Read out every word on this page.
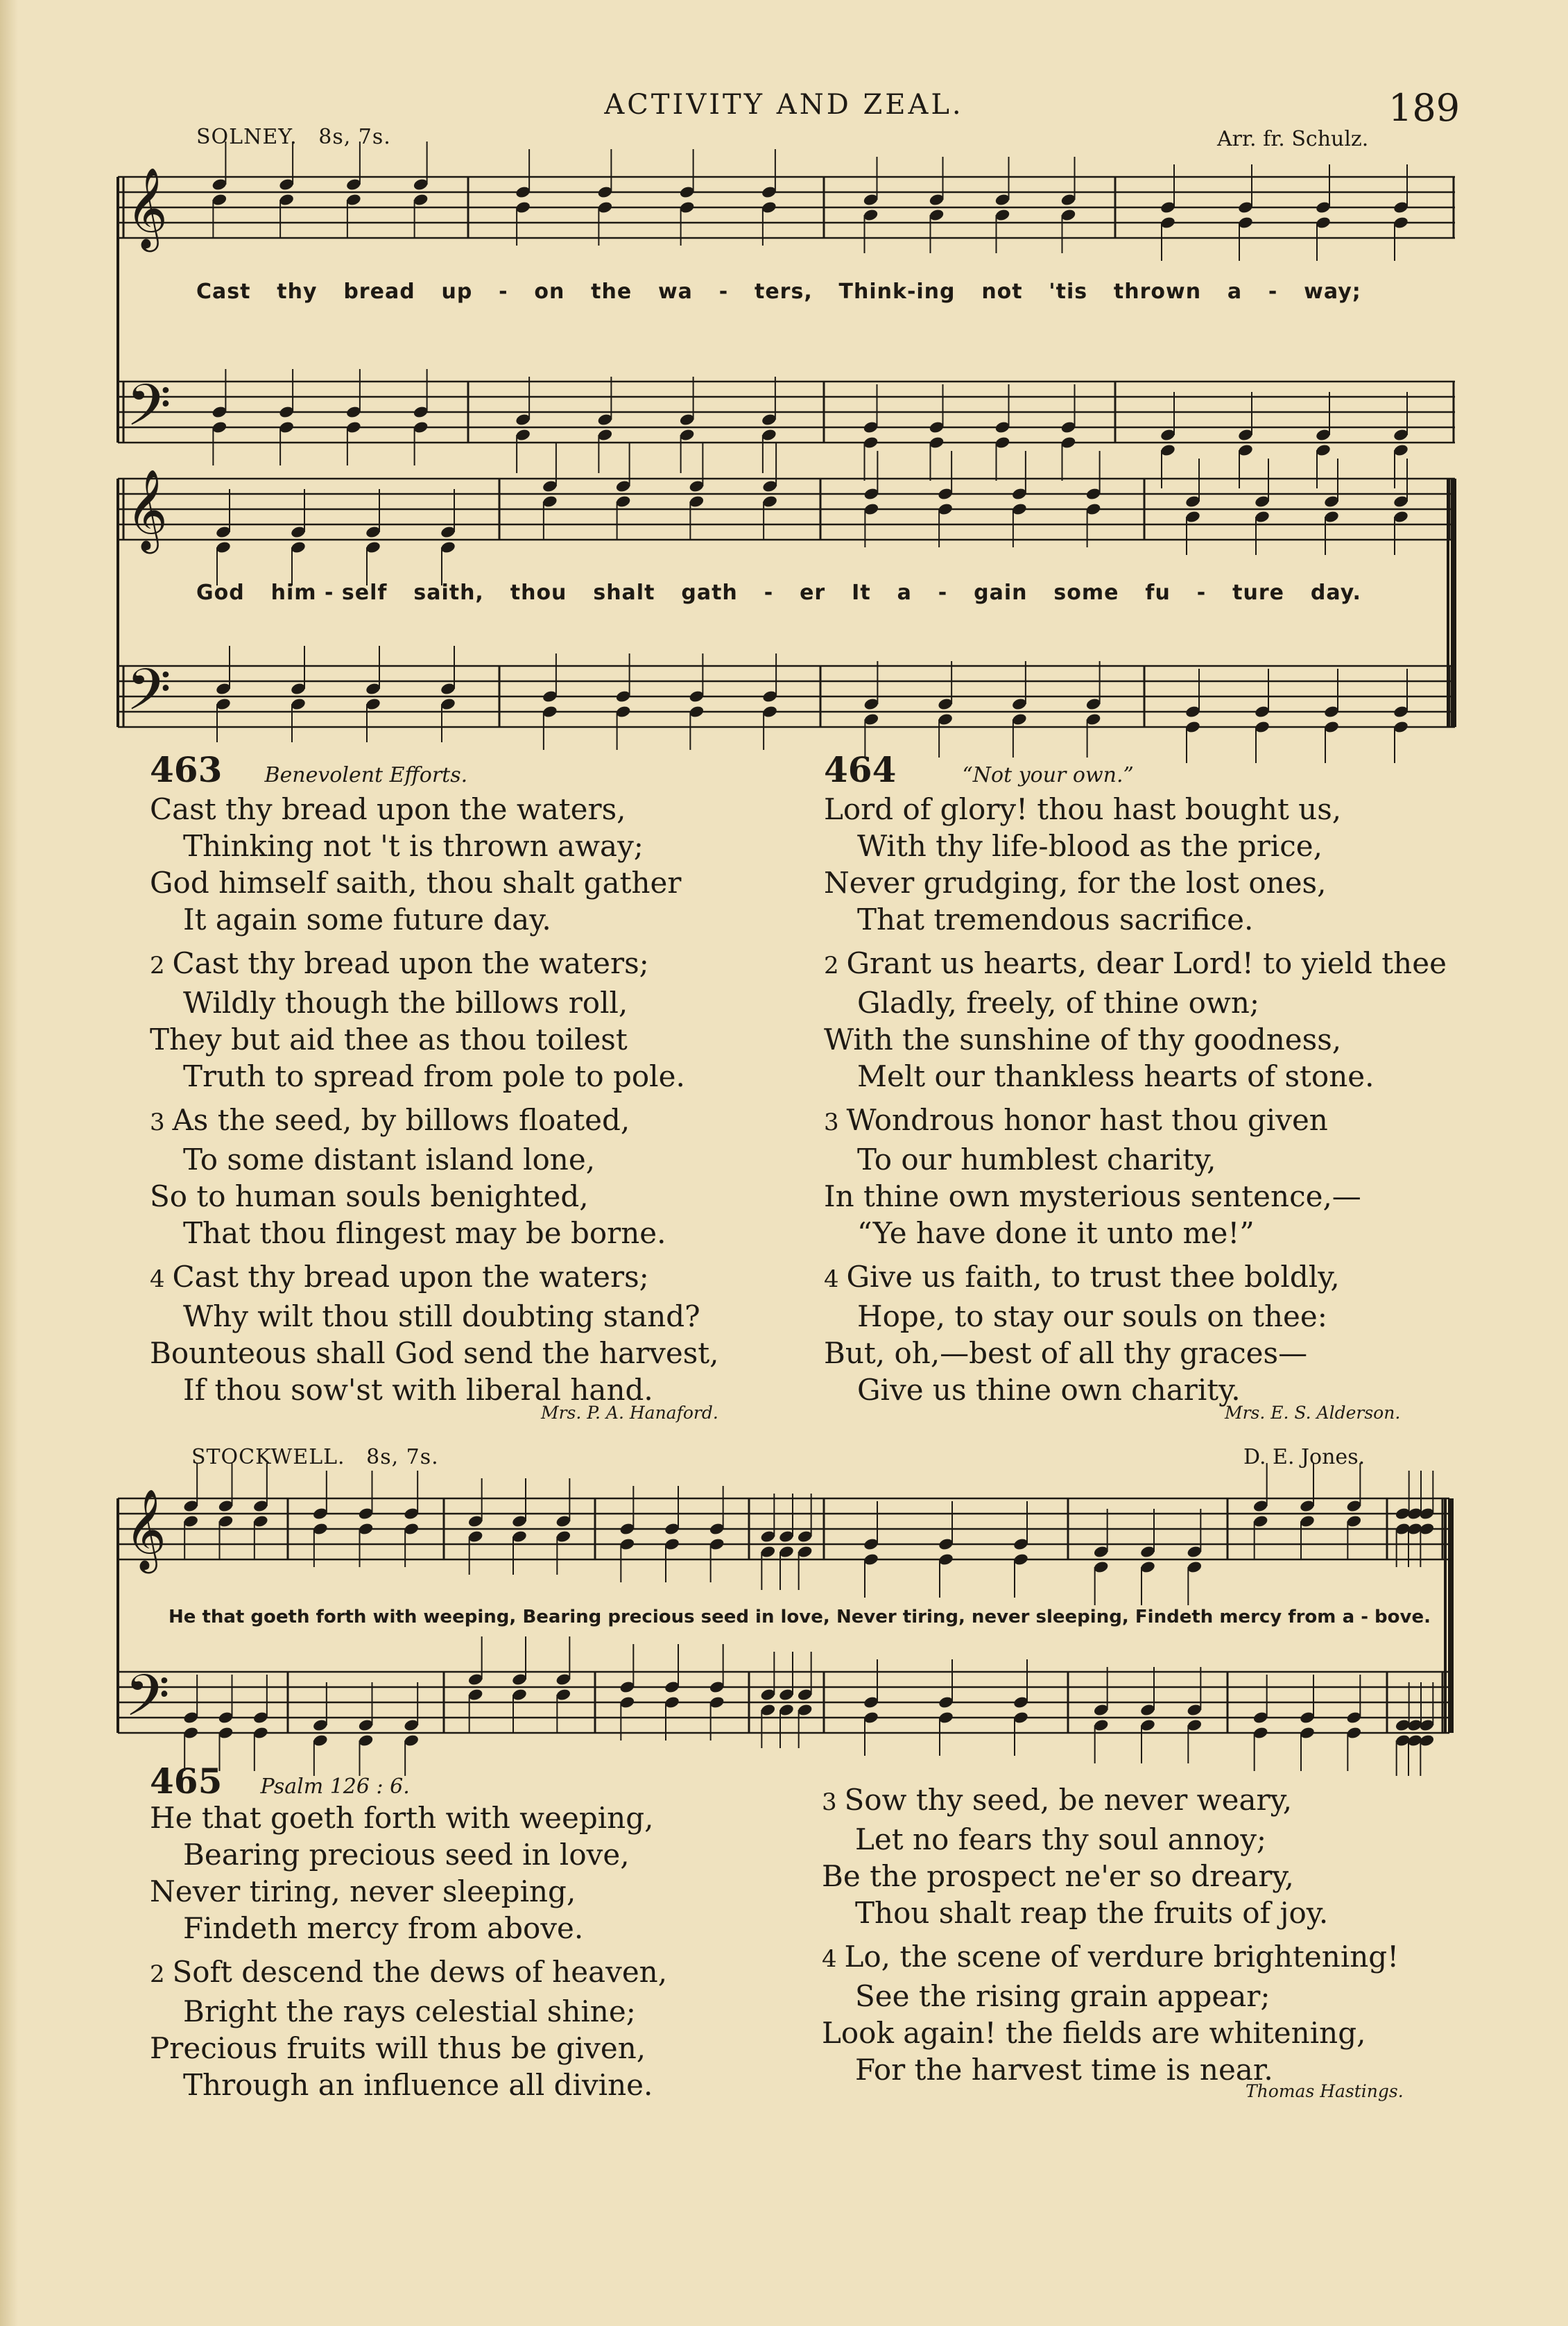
ACTIVITY AND ZEAL.	189
SOLNEY. 8s, 7s.	Arr. fr. Schulz.
𝄞
𝄢
𝄞
𝄢
Cast thy bread up - on the wa - ters, Think-ing not 'tis thrown a - way;
God him - self saith, thou shalt gath - er It a - gain some fu - ture day.
463 Benevolent Efforts.
Cast thy bread upon the waters,
Thinking not 't is thrown away;
God himself saith, thou shalt gather
It again some future day.
2 Cast thy bread upon the waters;
Wildly though the billows roll,
They but aid thee as thou toilest
Truth to spread from pole to pole.
3 As the seed, by billows floated,
To some distant island lone,
So to human souls benighted,
That thou flingest may be borne.
4 Cast thy bread upon the waters;
Why wilt thou still doubting stand?
Bounteous shall God send the harvest,
If thou sow'st with liberal hand.
Mrs. P. A. Hanaford.
464	“Not your own.”
Lord of glory! thou hast bought us,
With thy life-blood as the price,
Never grudging, for the lost ones,
That tremendous sacrifice.
2 Grant us hearts, dear Lord! to yield thee
Gladly, freely, of thine own;
With the sunshine of thy goodness,
Melt our thankless hearts of stone.
3 Wondrous honor hast thou given
To our humblest charity,
In thine own mysterious sentence,—
“Ye have done it unto me!”
4 Give us faith, to trust thee boldly,
Hope, to stay our souls on thee:
But, oh,—best of all thy graces—
Give us thine own charity.
Mrs. E. S. Alderson.
STOCKWELL. 8s, 7s.	D. E. Jones.
𝄞
𝄢
He that goeth forth with weeping, Bearing precious seed in love, Never tiring, never sleeping, Findeth mercy from a - bove.
465 Psalm 126 : 6.
He that goeth forth with weeping,
Bearing precious seed in love,
Never tiring, never sleeping,
Findeth mercy from above.
2 Soft descend the dews of heaven,
Bright the rays celestial shine;
Precious fruits will thus be given,
Through an influence all divine.
3 Sow thy seed, be never weary,
Let no fears thy soul annoy;
Be the prospect ne'er so dreary,
Thou shalt reap the fruits of joy.
4 Lo, the scene of verdure brightening!
See the rising grain appear;
Look again! the fields are whitening,
For the harvest time is near.
Thomas Hastings.
